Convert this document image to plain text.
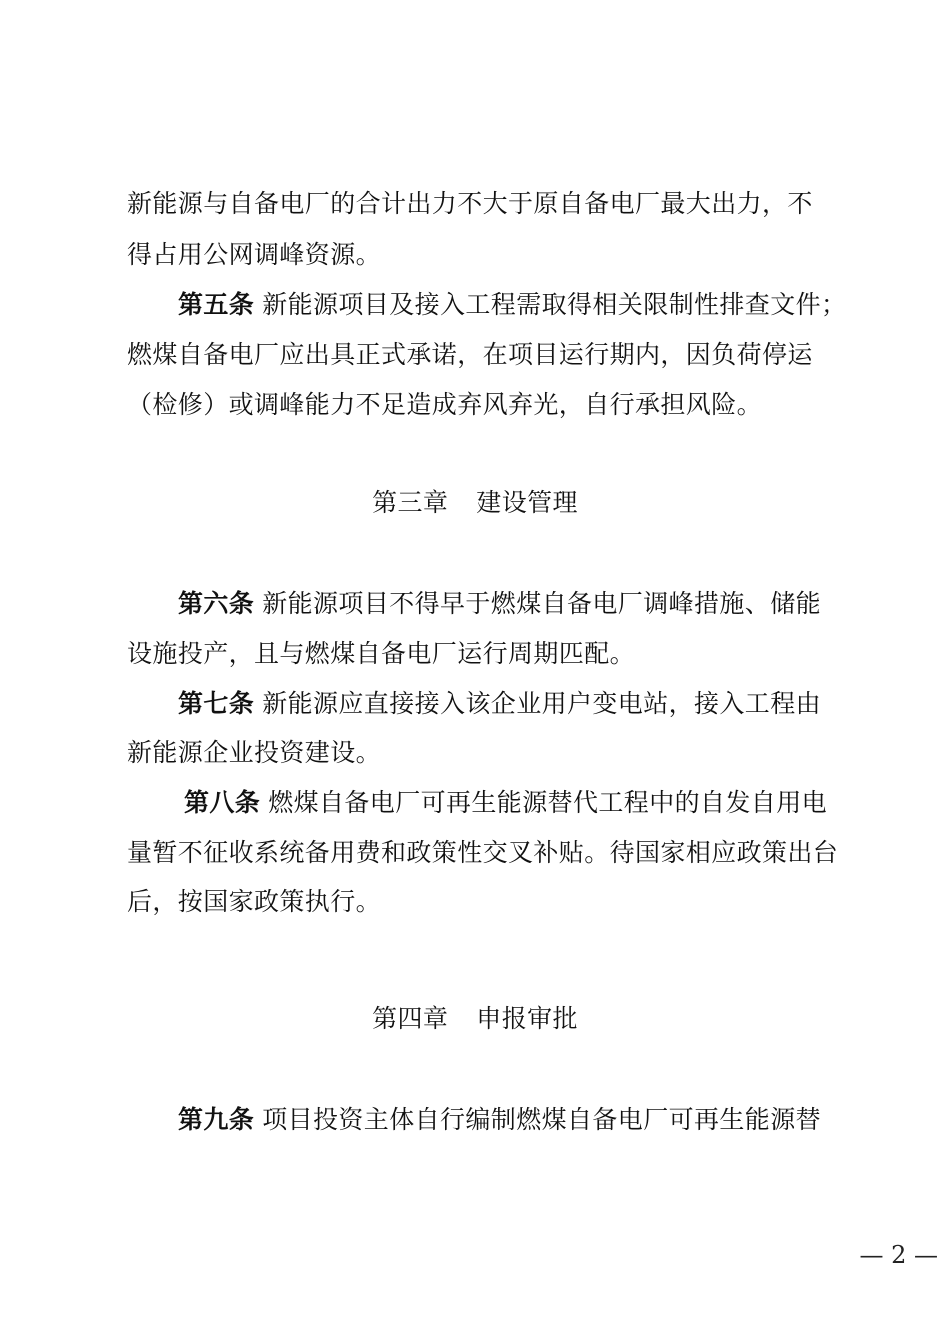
新能源与自备电厂的合计出力不大于原自备电厂最大出力，不
得占用公网调峰资源。
第五条 新能源项目及接入工程需取得相关限制性排查文件；
燃煤自备电厂应出具正式承诺，在项目运行期内，因负荷停运
（检修）或调峰能力不足造成弃风弃光，自行承担风险。
第三章 建设管理
第六条 新能源项目不得早于燃煤自备电厂调峰措施、储能
设施投产，且与燃煤自备电厂运行周期匹配。
第七条 新能源应直接接入该企业用户变电站，接入工程由
新能源企业投资建设。
第八条 燃煤自备电厂可再生能源替代工程中的自发自用电
量暂不征收系统备用费和政策性交叉补贴。待国家相应政策出台
后，按国家政策执行。
第四章 申报审批
第九条 项目投资主体自行编制燃煤自备电厂可再生能源替
— 2 —
